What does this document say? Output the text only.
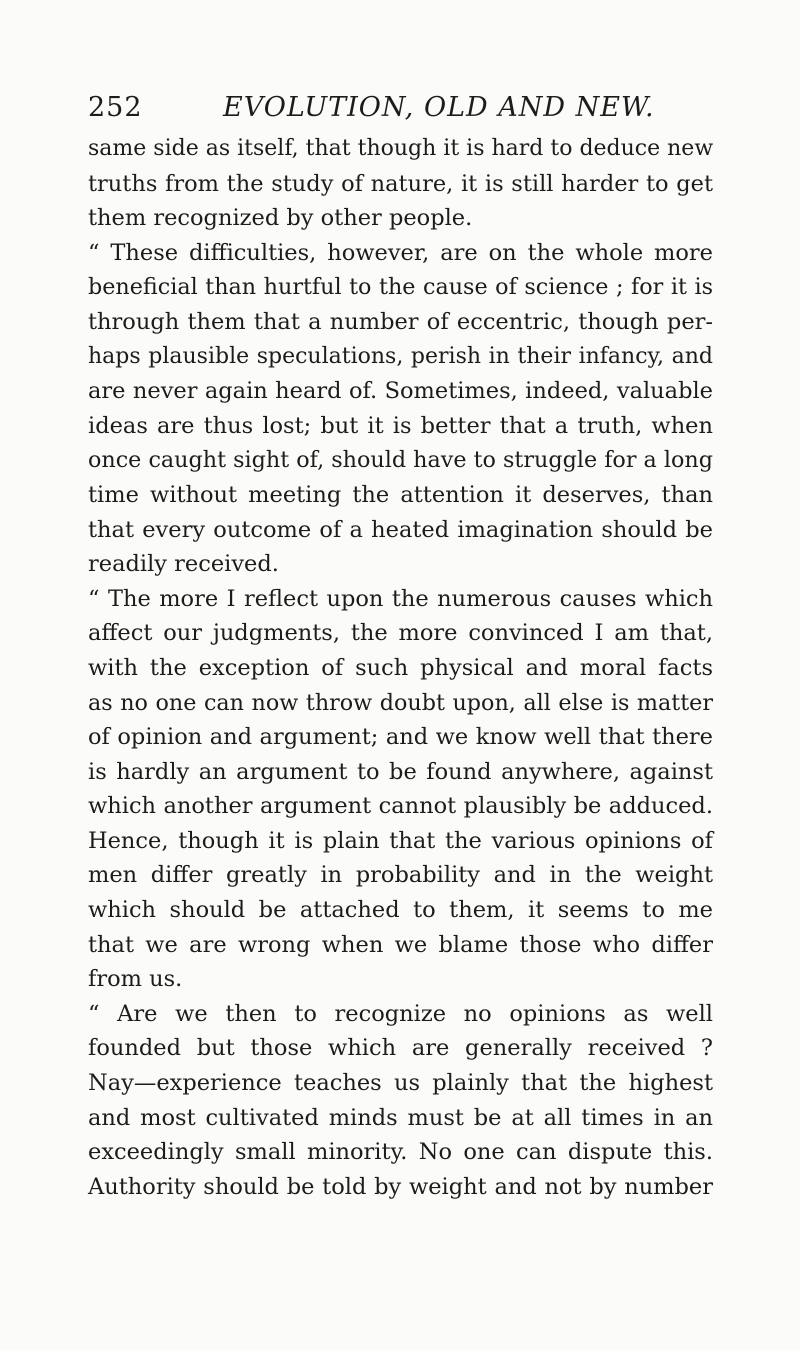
252	EVOLUTION, OLD AND NEW.
same side as itself, that though it is hard to deduce new
truths from the study of nature, it is still harder to get
them recognized by other people.
“ These difficulties, however, are on the whole more
beneficial than hurtful to the cause of science ; for it is
through them that a number of eccentric, though per-
haps plausible speculations, perish in their infancy, and
are never again heard of. Sometimes, indeed, valuable
ideas are thus lost; but it is better that a truth, when
once caught sight of, should have to struggle for a long
time without meeting the attention it deserves, than
that every outcome of a heated imagination should be
readily received.
“ The more I reflect upon the numerous causes which
affect our judgments, the more convinced I am that,
with the exception of such physical and moral facts
as no one can now throw doubt upon, all else is matter
of opinion and argument; and we know well that there
is hardly an argument to be found anywhere, against
which another argument cannot plausibly be adduced.
Hence, though it is plain that the various opinions of
men differ greatly in probability and in the weight
which should be attached to them, it seems to me
that we are wrong when we blame those who differ
from us.
“ Are we then to recognize no opinions as well
founded but those which are generally received ?
Nay—experience teaches us plainly that the highest
and most cultivated minds must be at all times in an
exceedingly small minority. No one can dispute this.
Authority should be told by weight and not by number
